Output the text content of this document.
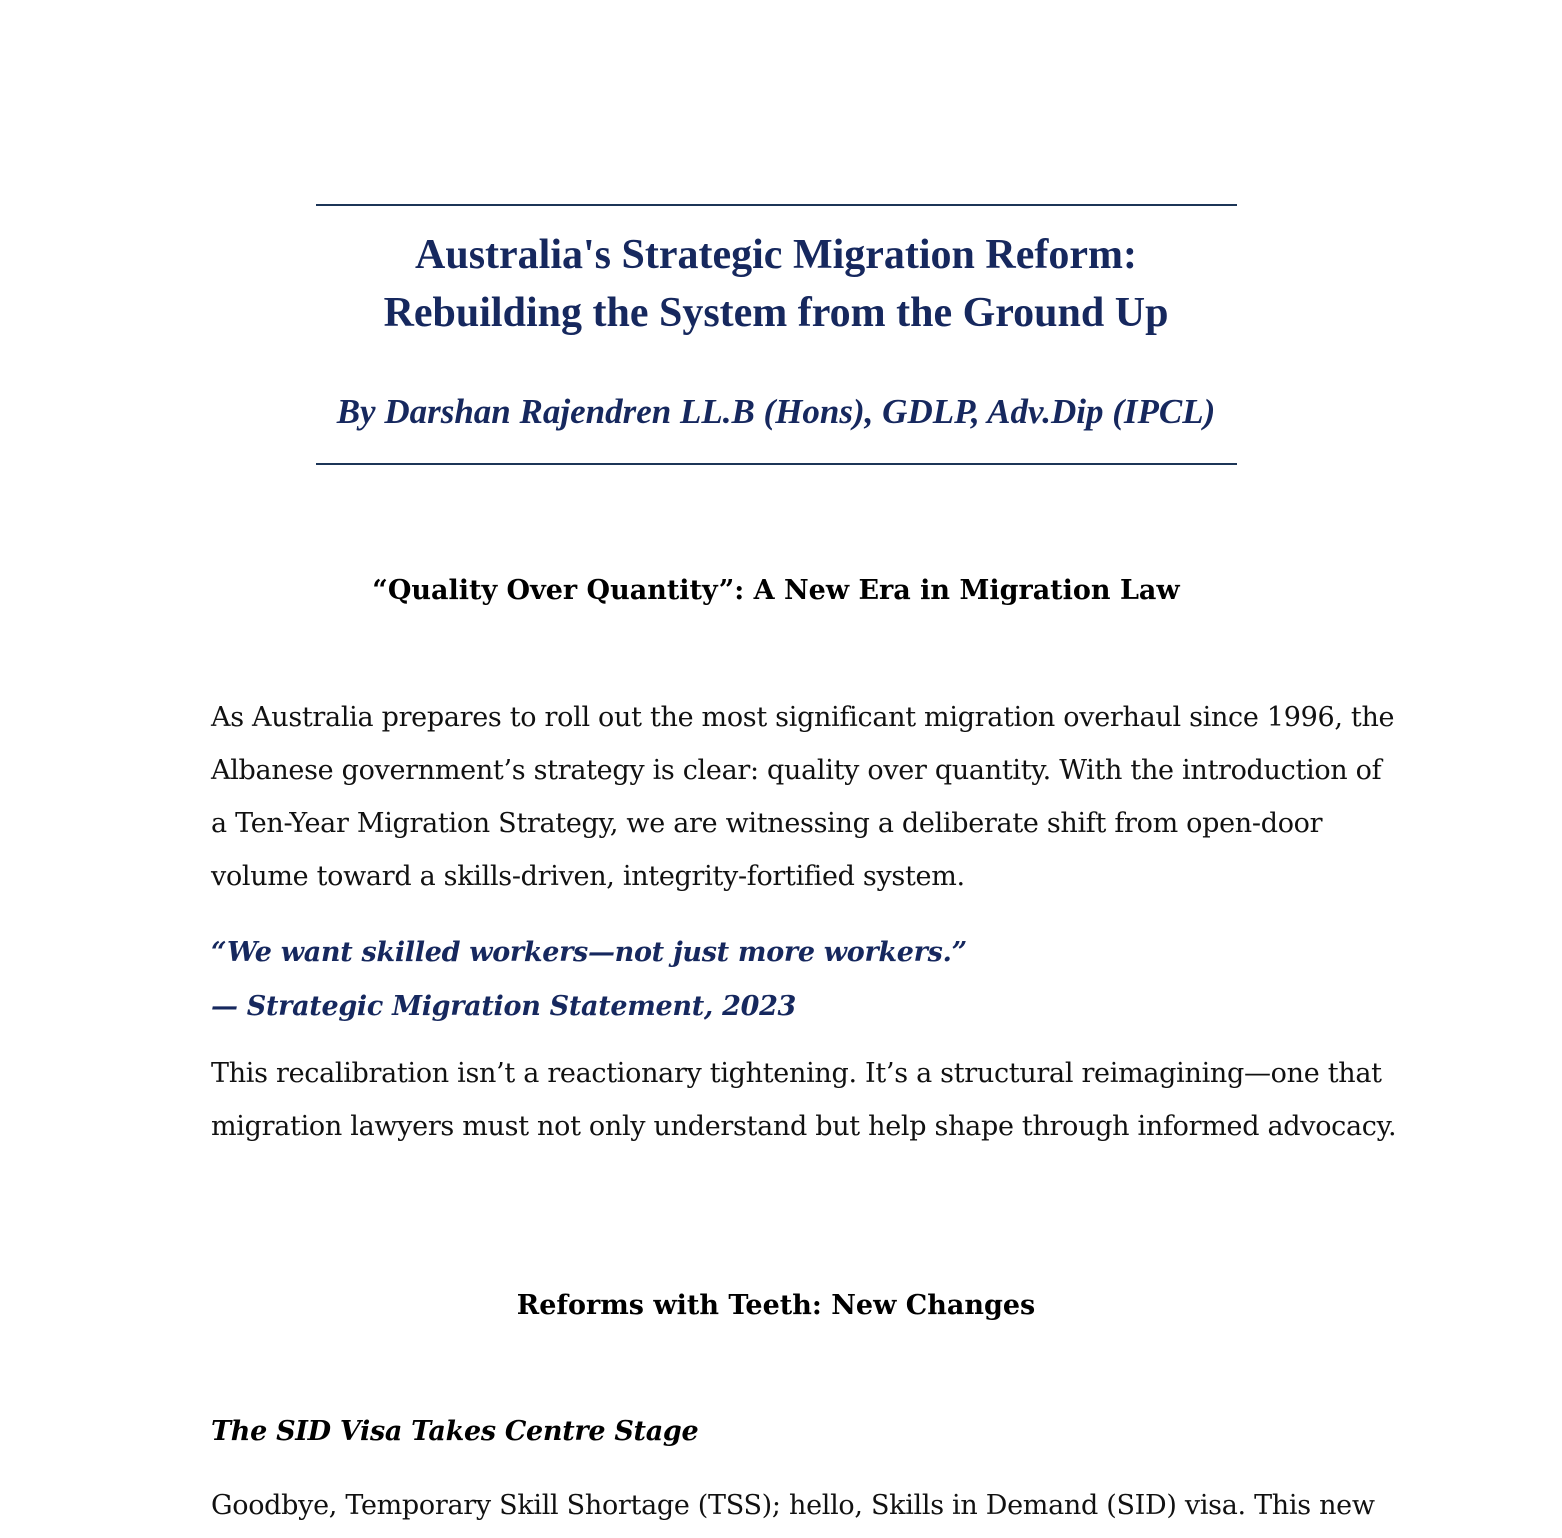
Australia's Strategic Migration Reform:
Rebuilding the System from the Ground Up
By Darshan Rajendren LL.B (Hons), GDLP, Adv.Dip (IPCL)
“Quality Over Quantity”: A New Era in Migration Law
As Australia prepares to roll out the most significant migration overhaul since 1996, the
Albanese government’s strategy is clear: quality over quantity. With the introduction of
a Ten-Year Migration Strategy, we are witnessing a deliberate shift from open-door
volume toward a skills-driven, integrity-fortified system.
“We want skilled workers—not just more workers.”
— Strategic Migration Statement, 2023
This recalibration isn’t a reactionary tightening. It’s a structural reimagining—one that
migration lawyers must not only understand but help shape through informed advocacy.
Reforms with Teeth: New Changes
The SID Visa Takes Centre Stage
Goodbye, Temporary Skill Shortage (TSS); hello, Skills in Demand (SID) visa. This new
